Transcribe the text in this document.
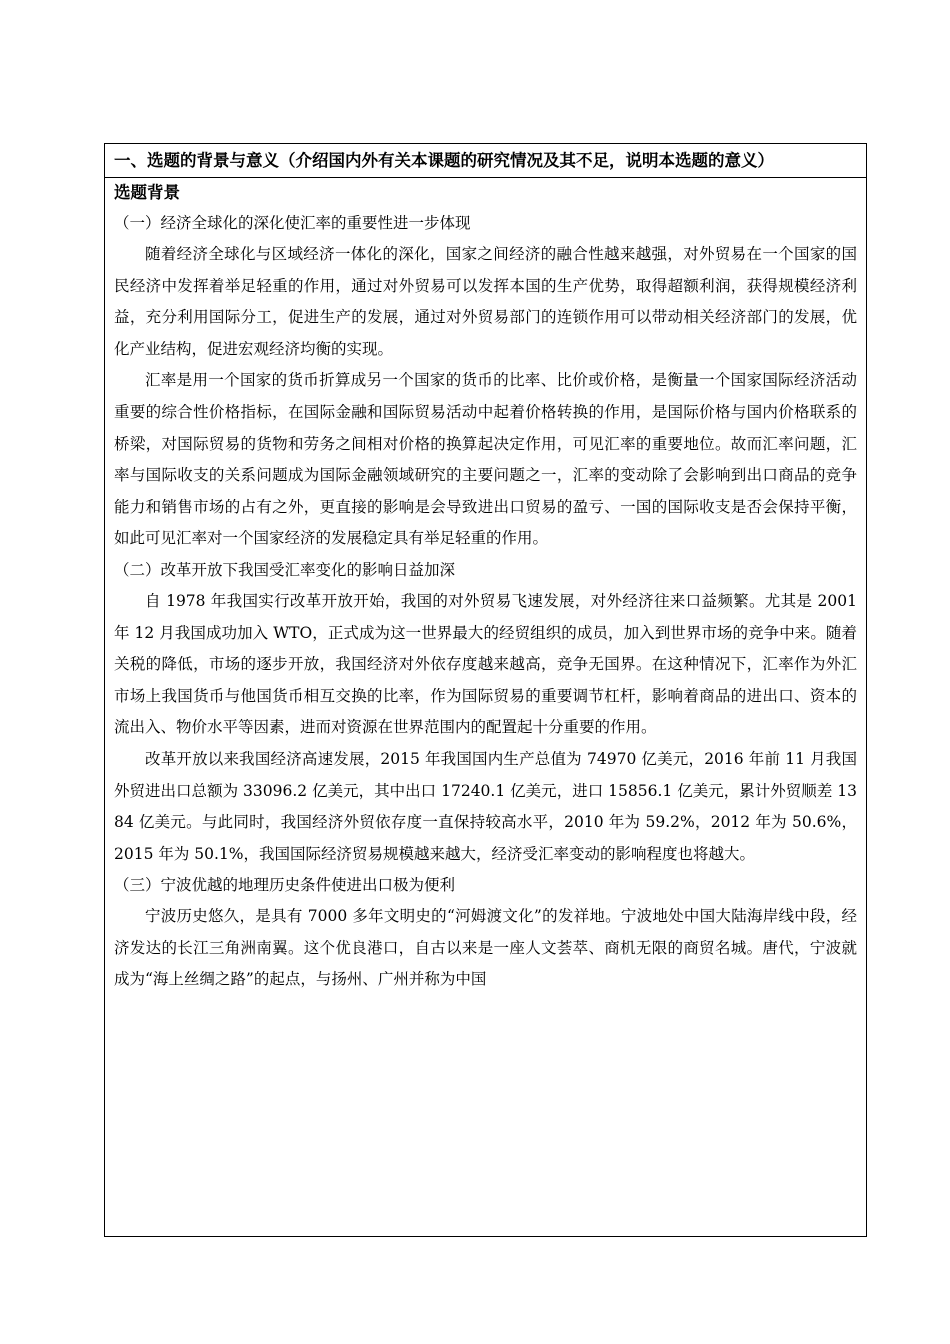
一、选题的背景与意义（介绍国内外有关本课题的研究情况及其不足，说明本选题的意义）

选题背景

（一）经济全球化的深化使汇率的重要性进一步体现

随着经济全球化与区域经济一体化的深化，国家之间经济的融合性越来越强，对外贸易在一个国家的国民经济中发挥着举足轻重的作用，通过对外贸易可以发挥本国的生产优势，取得超额利润，获得规模经济利益，充分利用国际分工，促进生产的发展，通过对外贸易部门的连锁作用可以带动相关经济部门的发展，优化产业结构，促进宏观经济均衡的实现。

汇率是用一个国家的货币折算成另一个国家的货币的比率、比价或价格，是衡量一个国家国际经济活动重要的综合性价格指标，在国际金融和国际贸易活动中起着价格转换的作用，是国际价格与国内价格联系的桥梁，对国际贸易的货物和劳务之间相对价格的换算起决定作用，可见汇率的重要地位。故而汇率问题，汇率与国际收支的关系问题成为国际金融领域研究的主要问题之一，汇率的变动除了会影响到出口商品的竞争能力和销售市场的占有之外，更直接的影响是会导致进出口贸易的盈亏、一国的国际收支是否会保持平衡，如此可见汇率对一个国家经济的发展稳定具有举足轻重的作用。

（二）改革开放下我国受汇率变化的影响日益加深

自 1978 年我国实行改革开放开始，我国的对外贸易飞速发展，对外经济往来口益频繁。尤其是 2001 年 12 月我国成功加入 WTO，正式成为这一世界最大的经贸组织的成员，加入到世界市场的竞争中来。随着关税的降低，市场的逐步开放，我国经济对外依存度越来越高，竞争无国界。在这种情况下，汇率作为外汇市场上我国货币与他国货币相互交换的比率，作为国际贸易的重要调节杠杆，影响着商品的进出口、资本的流出入、物价水平等因素，进而对资源在世界范围内的配置起十分重要的作用。

改革开放以来我国经济高速发展，2015 年我国国内生产总值为 74970 亿美元，2016 年前 11 月我国外贸进出口总额为 33096.2 亿美元，其中出口 17240.1 亿美元，进口 15856.1 亿美元，累计外贸顺差 13 84 亿美元。与此同时，我国经济外贸依存度一直保持较高水平，2010 年为 59.2%，2012 年为 50.6%，2015 年为 50.1%，我国国际经济贸易规模越来越大，经济受汇率变动的影响程度也将越大。

（三）宁波优越的地理历史条件使进出口极为便利

宁波历史悠久，是具有 7000 多年文明史的“河姆渡文化”的发祥地。宁波地处中国大陆海岸线中段，经济发达的长江三角洲南翼。这个优良港口，自古以来是一座人文荟萃、商机无限的商贸名城。唐代，宁波就成为“海上丝绸之路”的起点，与扬州、广州并称为中国
